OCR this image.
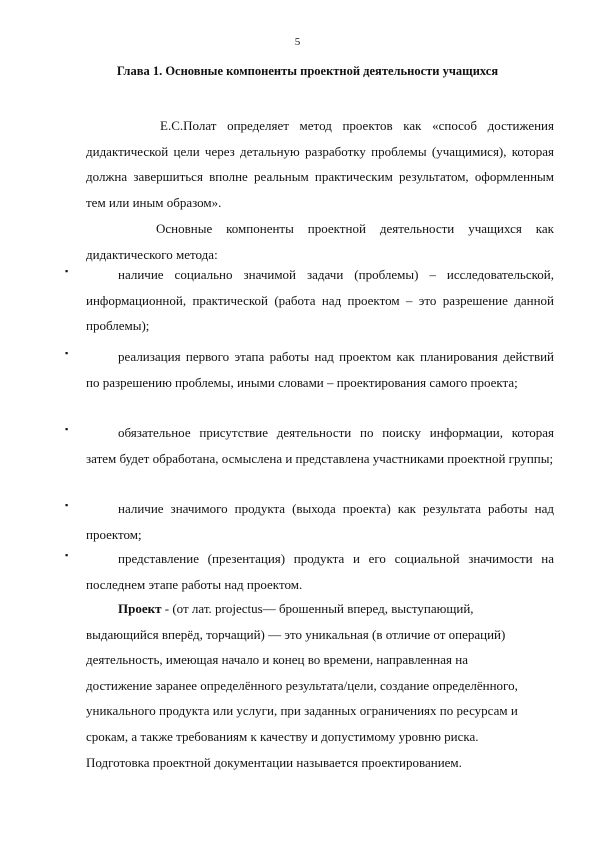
5
Глава 1. Основные компоненты проектной деятельности учащихся
Е.С.Полат определяет метод проектов как «способ достижения дидактической цели через детальную разработку проблемы (учащимися), которая должна завершиться вполне реальным практическим результатом, оформленным тем или иным образом».
Основные компоненты проектной деятельности учащихся как дидактического метода:
▪	наличие социально значимой задачи (проблемы) – исследовательской, информационной, практической (работа над проектом – это разрешение данной проблемы);
▪	реализация первого этапа работы над проектом как планирования действий по разрешению проблемы, иными словами – проектирования самого проекта;
▪	обязательное присутствие деятельности по поиску информации, которая затем будет обработана, осмыслена и представлена участниками проектной группы;
▪	наличие значимого продукта (выхода проекта) как результата работы над проектом;
▪	представление (презентация) продукта и его социальной значимости на последнем этапе работы над проектом.
Проект - (от лат. projectus— брошенный вперед, выступающий,
выдающийся вперёд, торчащий) — это уникальная (в отличие от операций)
деятельность, имеющая начало и конец во времени, направленная на
достижение заранее определённого результата/цели, создание определённого,
уникального продукта или услуги, при заданных ограничениях по ресурсам и
срокам, а также требованиям к качеству и допустимому уровню риска.
Подготовка проектной документации называется проектированием.
